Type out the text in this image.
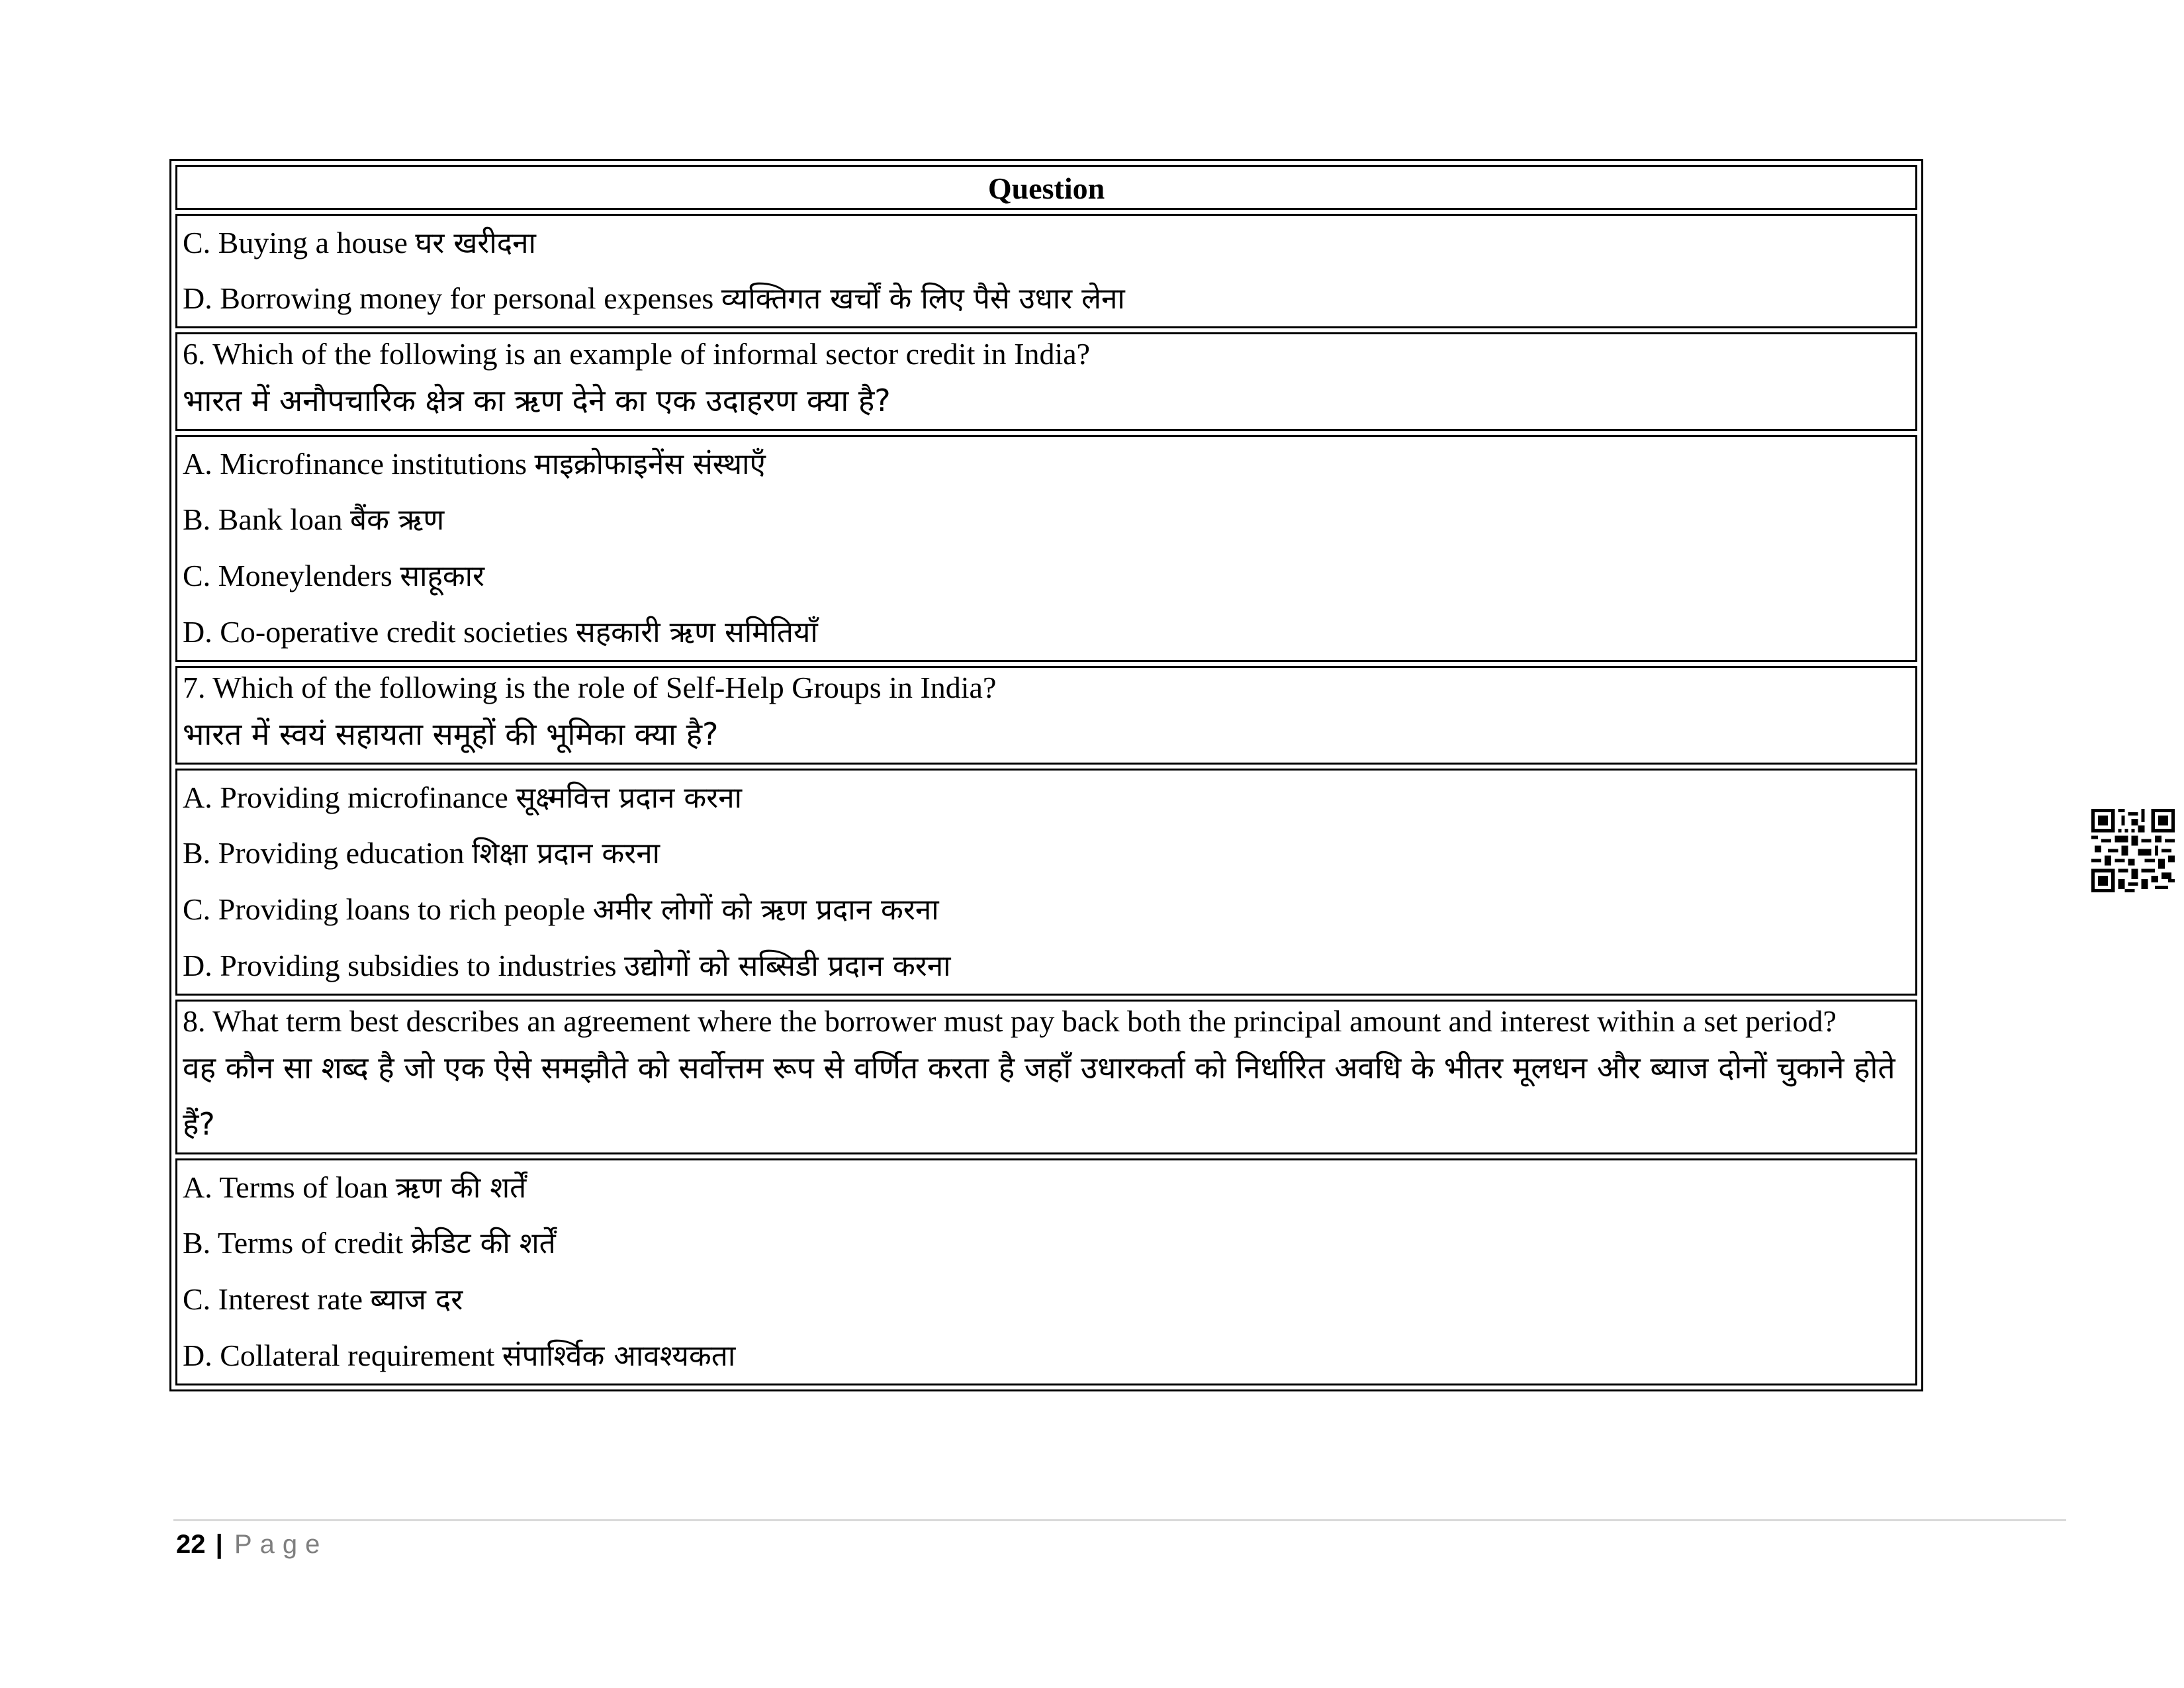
Question
C. Buying a house घर खरीदना
D. Borrowing money for personal expenses व्यक्तिगत खर्चों के लिए पैसे उधार लेना
6. Which of the following is an example of informal sector credit in India?
भारत में अनौपचारिक क्षेत्र का ऋण देने का एक उदाहरण क्या है?
A. Microfinance institutions माइक्रोफाइनेंस संस्थाएँ
B. Bank loan बैंक ऋण
C. Moneylenders साहूकार
D. Co-operative credit societies सहकारी ऋण समितियाँ
7. Which of the following is the role of Self-Help Groups in India?
भारत में स्वयं सहायता समूहों की भूमिका क्या है?
A. Providing microfinance सूक्ष्मवित्त प्रदान करना
B. Providing education शिक्षा प्रदान करना
C. Providing loans to rich people अमीर लोगों को ऋण प्रदान करना
D. Providing subsidies to industries उद्योगों को सब्सिडी प्रदान करना
8. What term best describes an agreement where the borrower must pay back both the principal amount and interest within a set period?
वह कौन सा शब्द है जो एक ऐसे समझौते को सर्वोत्तम रूप से वर्णित करता है जहाँ उधारकर्ता को निर्धारित अवधि के भीतर मूलधन और ब्याज दोनों चुकाने होते हैं?
A. Terms of loan ऋण की शर्तें
B. Terms of credit क्रेडिट की शर्तें
C. Interest rate ब्याज दर
D. Collateral requirement संपार्श्विक आवश्यकता
22 | Page
